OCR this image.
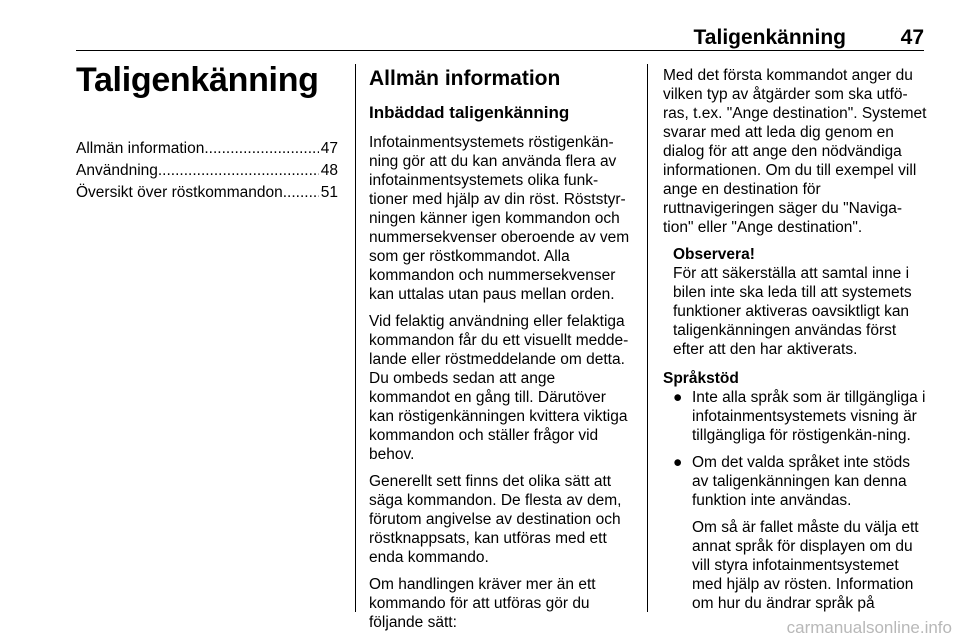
Taligenkänning	47
Taligenkänning
Allmän information .....	47
Användning .....	48
Översikt över röstkommandon ..... 51
Allmän information
Inbäddad taligenkänning

Infotainmentsystemets röstigenkän-ning gör att du kan använda flera av infotainmentsystemets olika funk-tioner med hjälp av din röst. Röststyr-ningen känner igen kommandon och nummersekvenser oberoende av vem som ger röstkommandot. Alla kommandon och nummersekvenser kan uttalas utan paus mellan orden.

Vid felaktig användning eller felaktiga kommandon får du ett visuellt medde-lande eller röstmeddelande om detta. Du ombeds sedan att ange kommandot en gång till. Därutöver kan röstigenkänningen kvittera viktiga kommandon och ställer frågor vid behov.

Generellt sett finns det olika sätt att säga kommandon. De flesta av dem, förutom angivelse av destination och röstknappsats, kan utföras med ett enda kommando.

Om handlingen kräver mer än ett kommando för att utföras gör du följande sätt:

Med det första kommandot anger du vilken typ av åtgärder som ska utfö-ras, t.ex. "Ange destination". Systemet svarar med att leda dig genom en dialog för att ange den nödvändiga informationen. Om du till exempel vill ange en destination för ruttnavigeringen säger du "Naviga-tion" eller "Ange destination".

Observera!
För att säkerställa att samtal inne i bilen inte ska leda till att systemets funktioner aktiveras oavsiktligt kan taligenkänningen användas först efter att den har aktiverats.
Språkstöd
● Inte alla språk som är tillgängliga i infotainmentsystemets visning är tillgängliga för röstigenkän-ning.
● Om det valda språket inte stöds av taligenkänningen kan denna funktion inte användas.

Om så är fallet måste du välja ett annat språk för displayen om du vill styra infotainmentsystemet med hjälp av rösten. Information om hur du ändrar språk på

carmanualsonline.info
